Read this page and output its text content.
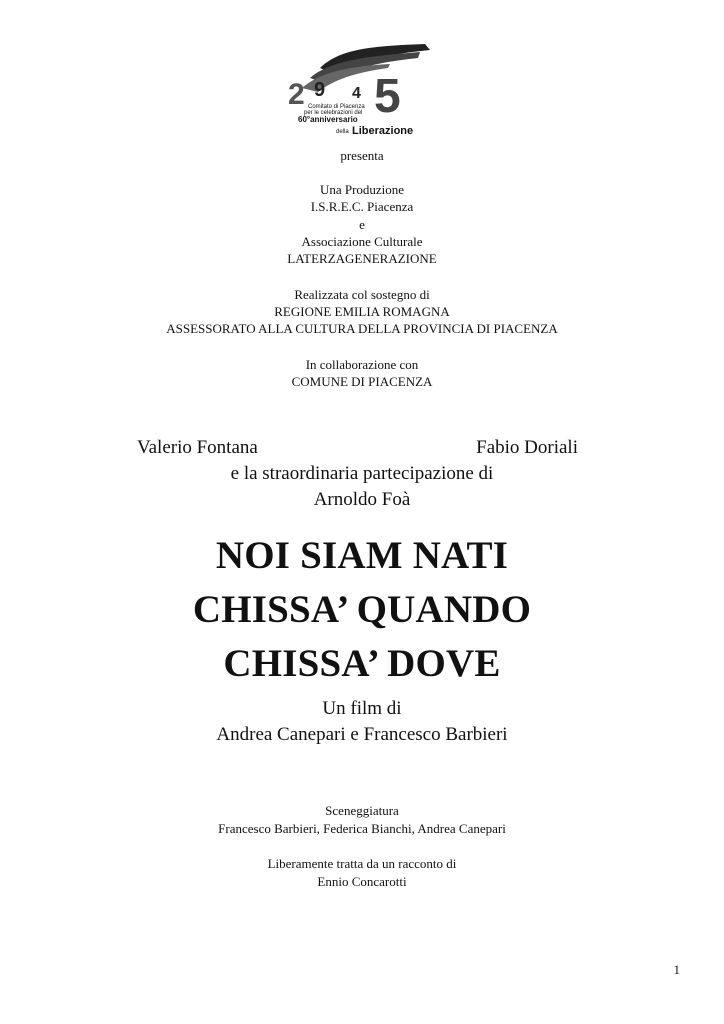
2 9 4 5
Comitato di Piacenza
per le celebrazioni del
60°anniversario
della Liberazione
presenta
Una Produzione
I.S.R.E.C. Piacenza
e
Associazione Culturale
LATERZAGENERAZIONE
Realizzata col sostegno di
REGIONE EMILIA ROMAGNA
ASSESSORATO ALLA CULTURA DELLA PROVINCIA DI PIACENZA
In collaborazione con
COMUNE DI PIACENZA
Valerio Fontana	Fabio Doriali
e la straordinaria partecipazione di
Arnoldo Foà
NOI SIAM NATI
CHISSA’ QUANDO
CHISSA’ DOVE
Un film di
Andrea Canepari e Francesco Barbieri
Sceneggiatura
Francesco Barbieri, Federica Bianchi, Andrea Canepari
Liberamente tratta da un racconto di
Ennio Concarotti
1
